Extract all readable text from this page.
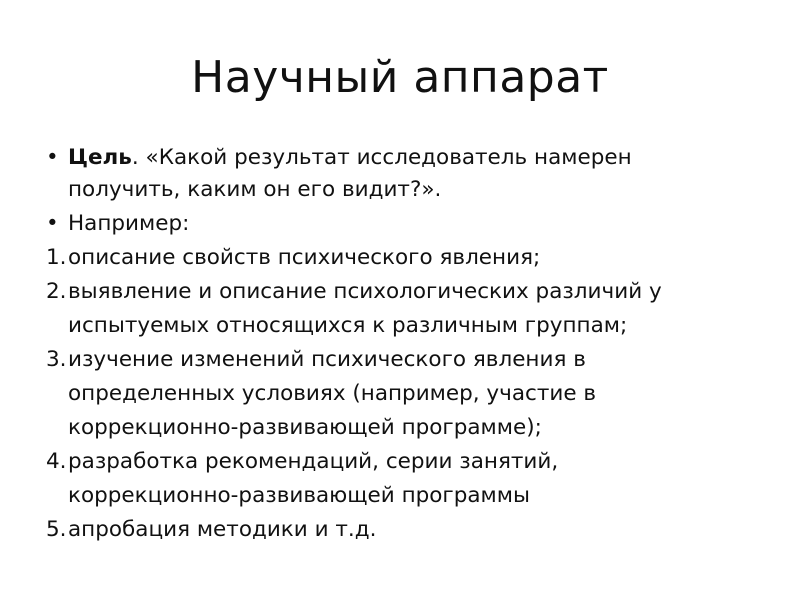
Научный аппарат
• Цель. «Какой результат исследователь намерен
получить, каким он его видит?».
• Например:
1. описание свойств психического явления;
2. выявление и описание психологических различий у
испытуемых относящихся к различным группам;
3. изучение изменений психического явления в
определенных условиях (например, участие в
коррекционно-развивающей программе);
4. разработка рекомендаций, серии занятий,
коррекционно-развивающей программы
5. апробация методики и т.д.
